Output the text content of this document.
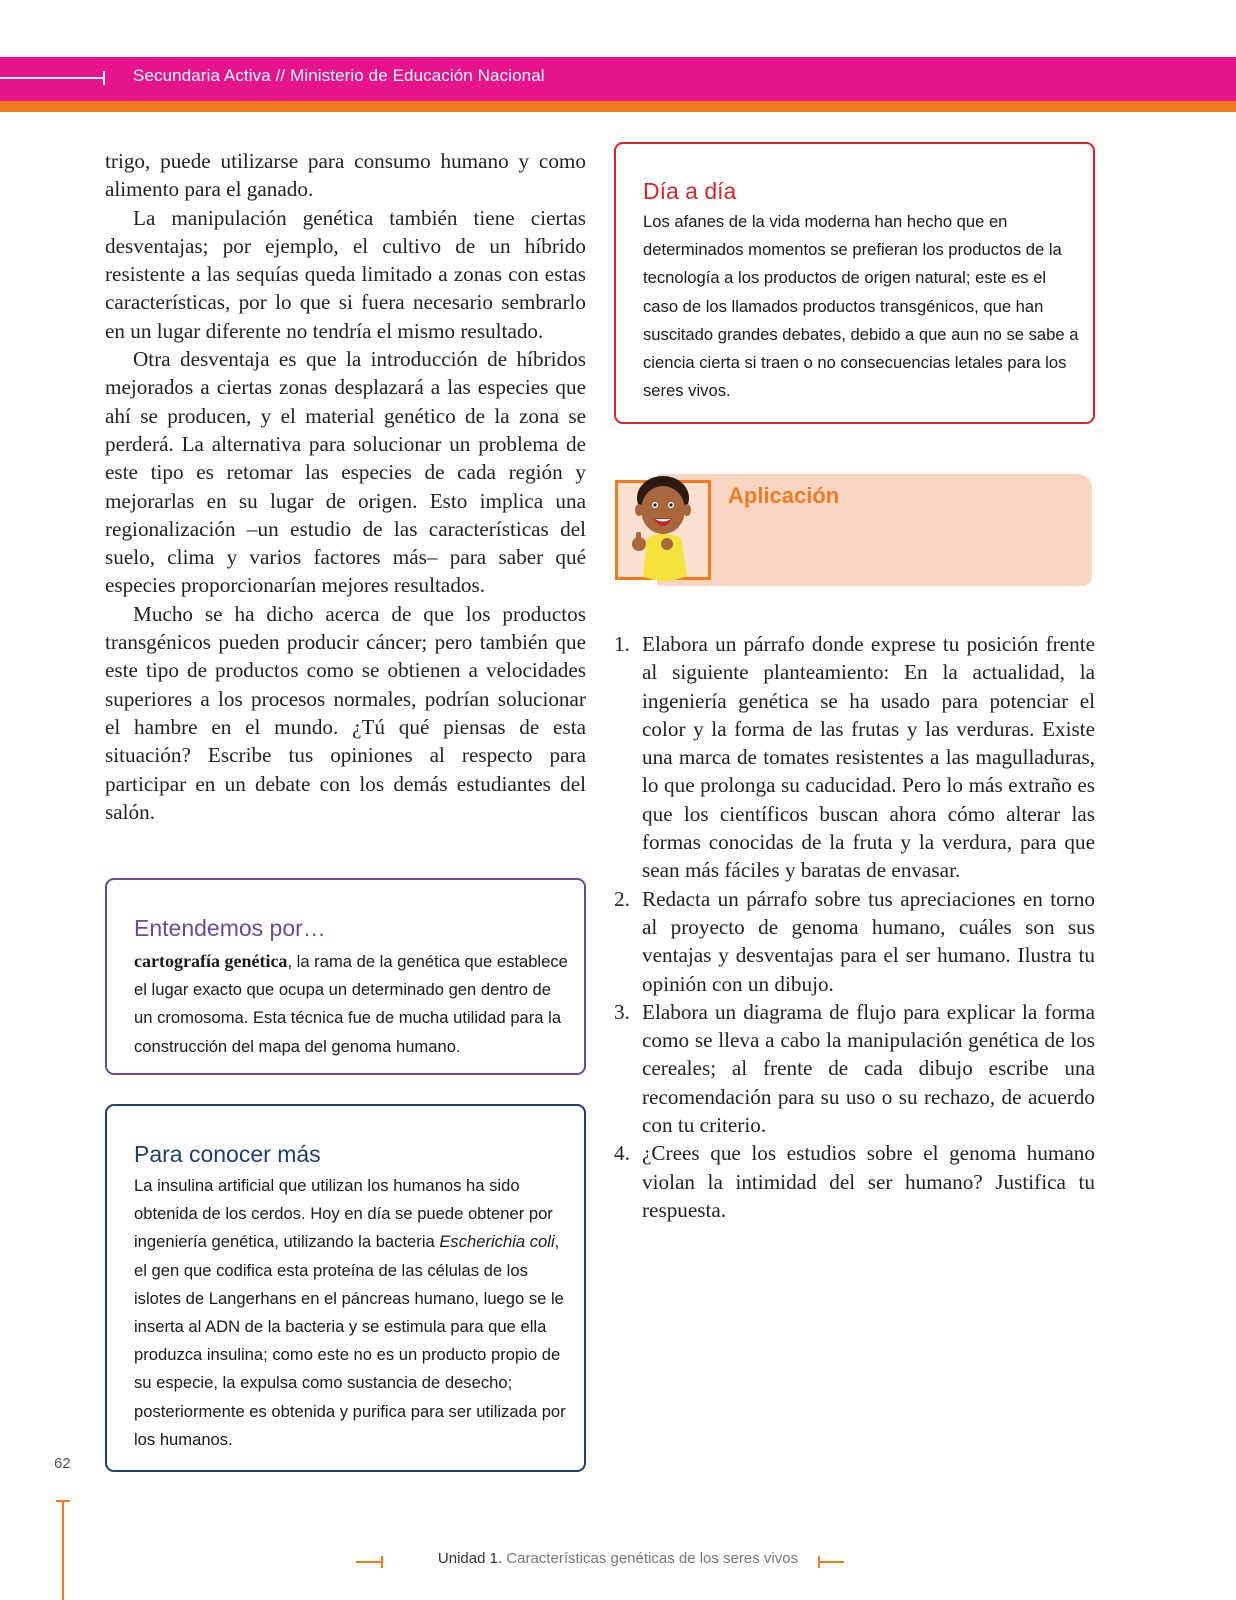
Secundaria Activa // Ministerio de Educación Nacional

trigo, puede utilizarse para consumo humano y como alimento para el ganado.

La manipulación genética también tiene ciertas desventajas; por ejemplo, el cultivo de un híbrido resistente a las sequías queda limitado a zonas con estas características, por lo que si fuera necesario sembrarlo en un lugar diferente no tendría el mismo resultado.

Otra desventaja es que la introducción de híbridos mejorados a ciertas zonas desplazará a las especies que ahí se producen, y el material genético de la zona se perderá. La alternativa para solucionar un problema de este tipo es retomar las especies de cada región y mejorarlas en su lugar de origen. Esto implica una regionalización –un estudio de las características del suelo, clima y varios factores más– para saber qué especies proporcionarían mejores resultados.

Mucho se ha dicho acerca de que los productos transgénicos pueden producir cáncer; pero también que este tipo de productos como se obtienen a velocidades superiores a los procesos normales, podrían solucionar el hambre en el mundo. ¿Tú qué piensas de esta situación? Escribe tus opiniones al respecto para participar en un debate con los demás estudiantes del salón.

Entendemos por…
cartografía genética, la rama de la genética que establece el lugar exacto que ocupa un determinado gen dentro de un cromosoma. Esta técnica fue de mucha utilidad para la construcción del mapa del genoma humano.
Para conocer más
La insulina artificial que utilizan los humanos ha sido obtenida de los cerdos. Hoy en día se puede obtener por ingeniería genética, utilizando la bacteria Escherichia coli, el gen que codifica esta proteína de las células de los islotes de Langerhans en el páncreas humano, luego se le inserta al ADN de la bacteria y se estimula para que ella produzca insulina; como este no es un producto propio de su especie, la expulsa como sustancia de desecho; posteriormente es obtenida y purifica para ser utilizada por los humanos.
Día a día
Los afanes de la vida moderna han hecho que en determinados momentos se prefieran los productos de la tecnología a los productos de origen natural; este es el caso de los llamados productos transgénicos, que han suscitado grandes debates, debido a que aun no se sabe a ciencia cierta si traen o no consecuencias letales para los seres vivos.
Aplicación
1. Elabora un párrafo donde exprese tu posición frente al siguiente planteamiento: En la actualidad, la ingeniería genética se ha usado para potenciar el color y la forma de las frutas y las verduras. Existe una marca de tomates resistentes a las magulladuras, lo que prolonga su caducidad. Pero lo más extraño es que los científicos buscan ahora cómo alterar las formas conocidas de la fruta y la verdura, para que sean más fáciles y baratas de envasar.
2. Redacta un párrafo sobre tus apreciaciones en torno al proyecto de genoma humano, cuáles son sus ventajas y desventajas para el ser humano. Ilustra tu opinión con un dibujo.
3. Elabora un diagrama de flujo para explicar la forma como se lleva a cabo la manipulación genética de los cereales; al frente de cada dibujo escribe una recomendación para su uso o su rechazo, de acuerdo con tu criterio.
4. ¿Crees que los estudios sobre el genoma humano violan la intimidad del ser humano? Justifica tu respuesta.
62
Unidad 1. Características genéticas de los seres vivos
